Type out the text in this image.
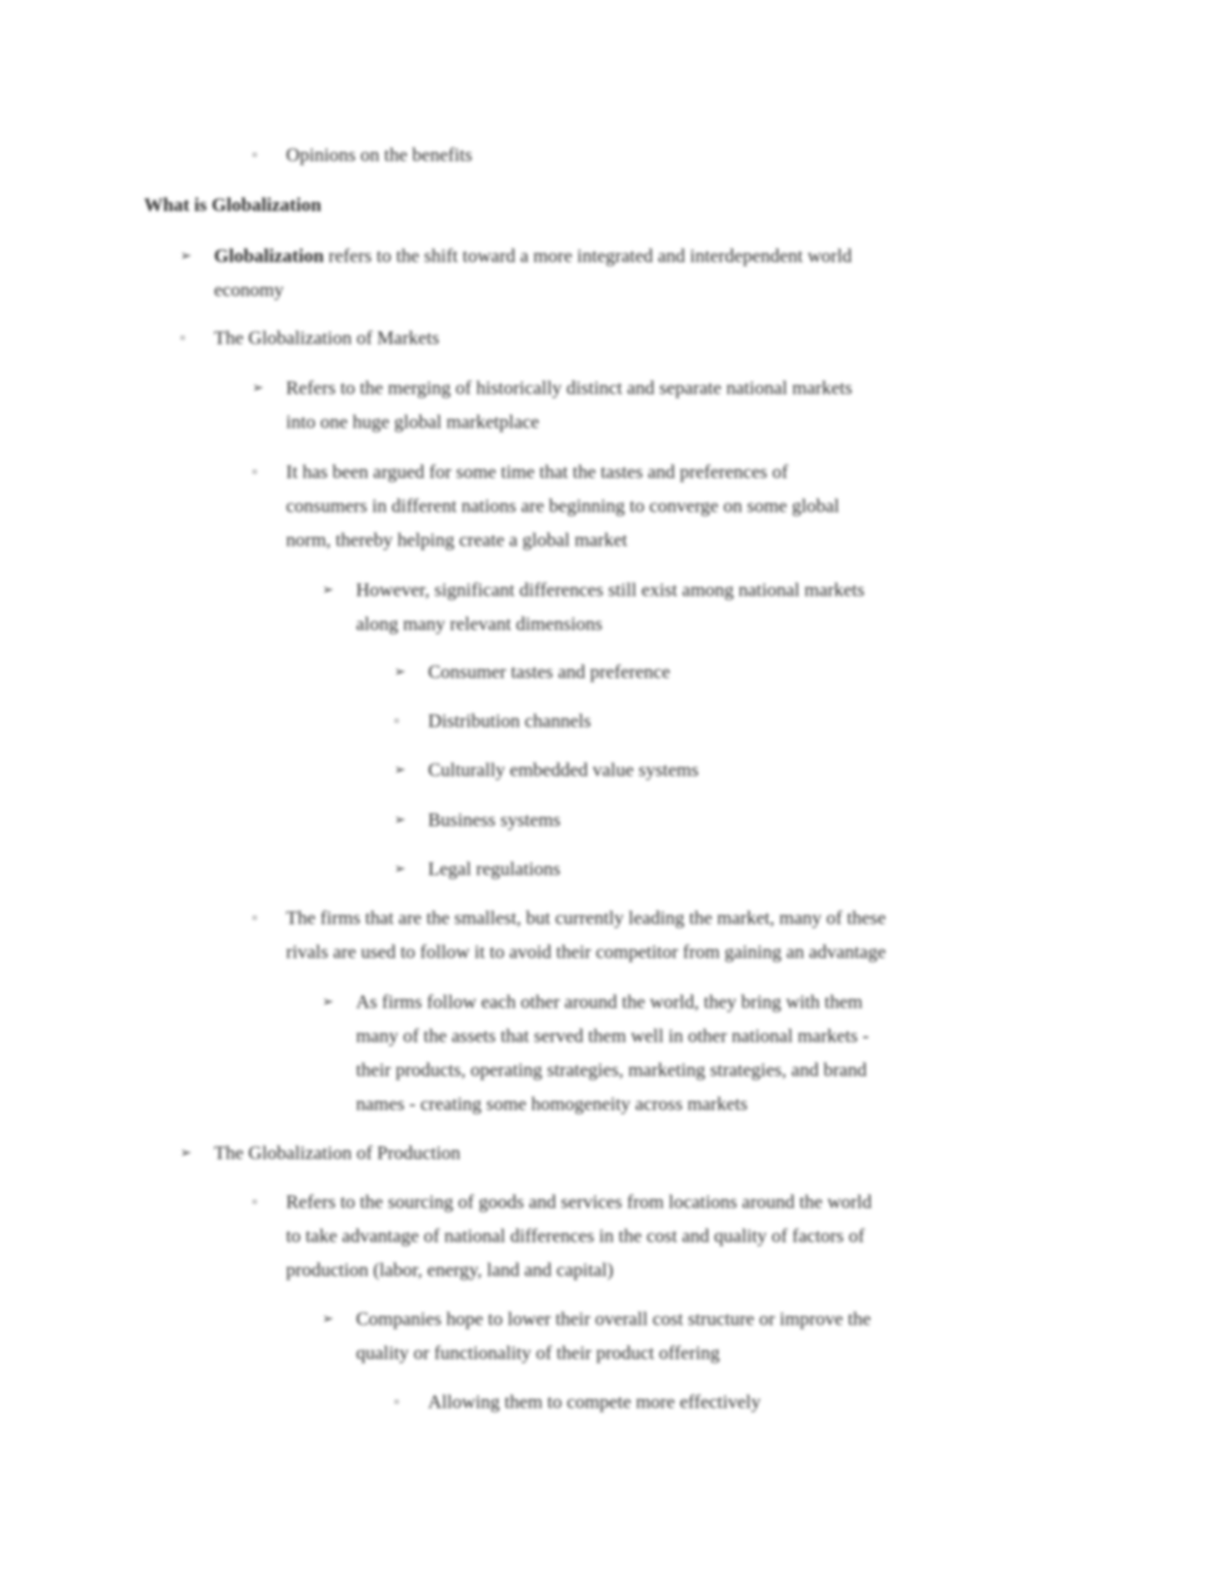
▫ Opinions on the benefits
What is Globalization
➢ Globalization refers to the shift toward a more integrated and interdependent world
economy
▫ The Globalization of Markets
➢ Refers to the merging of historically distinct and separate national markets
into one huge global marketplace
▫ It has been argued for some time that the tastes and preferences of
consumers in different nations are beginning to converge on some global
norm, thereby helping create a global market
➢ However, significant differences still exist among national markets
along many relevant dimensions
➢ Consumer tastes and preference
▫ Distribution channels
➢ Culturally embedded value systems
➢ Business systems
➢ Legal regulations
▫ The firms that are the smallest, but currently leading the market, many of these
rivals are used to follow it to avoid their competitor from gaining an advantage
➢ As firms follow each other around the world, they bring with them
many of the assets that served them well in other national markets -
their products, operating strategies, marketing strategies, and brand
names - creating some homogeneity across markets
➢ The Globalization of Production
▫ Refers to the sourcing of goods and services from locations around the world
to take advantage of national differences in the cost and quality of factors of
production (labor, energy, land and capital)
➢ Companies hope to lower their overall cost structure or improve the
quality or functionality of their product offering
▫ Allowing them to compete more effectively
